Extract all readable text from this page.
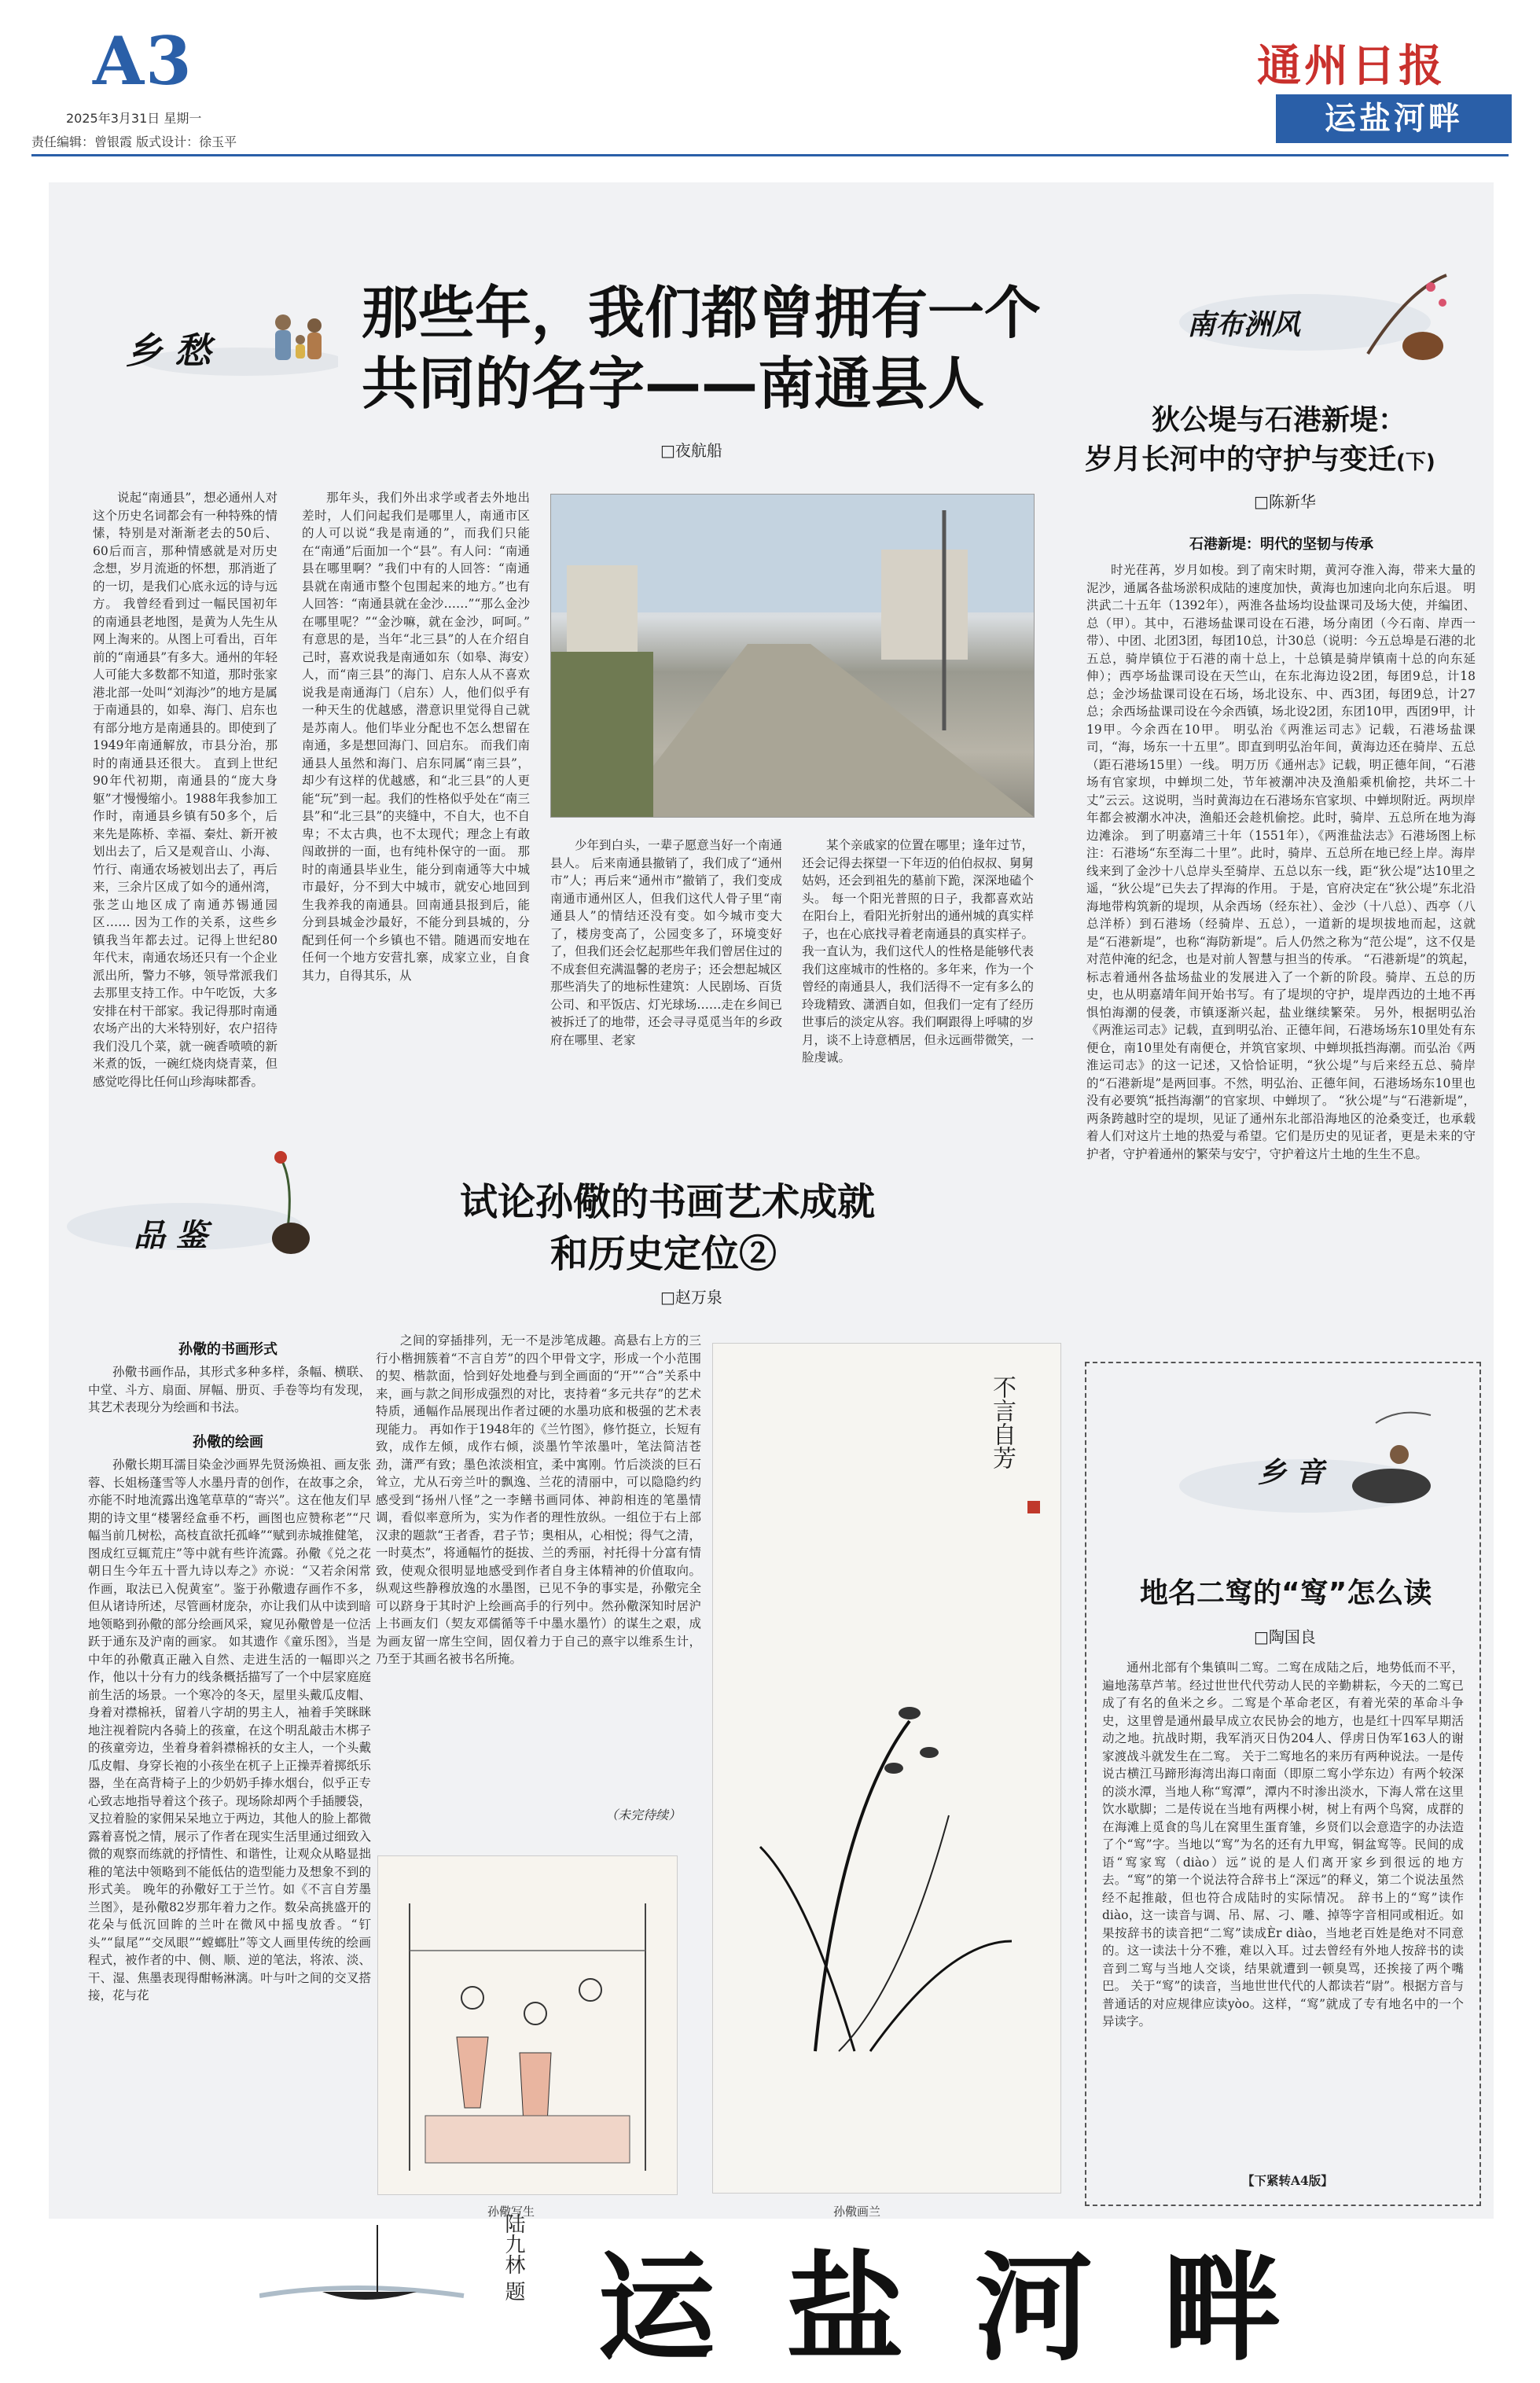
A3
2025年3月31日 星期一
责任编辑：曾银霞 版式设计：徐玉平
通州日报
运盐河畔
乡 愁
那些年，我们都曾拥有一个
共同的名字——南通县人
□夜航船

说起“南通县”，想必通州人对这个历史名词都会有一种特殊的情愫，特别是对渐渐老去的50后、60后而言，那种情感就是对历史念想，岁月流逝的怀想，那消逝了的一切，是我们心底永远的诗与远方。 我曾经看到过一幅民国初年的南通县老地图，是黄为人先生从网上淘来的。从图上可看出，百年前的“南通县”有多大。通州的年轻人可能大多数都不知道，那时张家港北部一处叫“刘海沙”的地方是属于南通县的，如皋、海门、启东也有部分地方是南通县的。即使到了1949年南通解放，市县分治，那时的南通县还很大。 直到上世纪90年代初期，南通县的“庞大身躯”才慢慢缩小。1988年我参加工作时，南通县乡镇有50多个，后来先是陈桥、幸福、秦灶、新开被划出去了，后又是观音山、小海、竹行、南通农场被划出去了，再后来，三余片区成了如今的通州湾，张芝山地区成了南通苏锡通园区…… 因为工作的关系，这些乡镇我当年都去过。记得上世纪80年代末，南通农场还只有一个企业派出所，警力不够，领导常派我们去那里支持工作。中午吃饭，大多安排在村干部家。我记得那时南通农场产出的大米特别好，农户招待我们没几个菜，就一碗香喷喷的新米煮的饭，一碗红烧肉烧青菜，但感觉吃得比任何山珍海味都香。

那年头，我们外出求学或者去外地出差时，人们问起我们是哪里人，南通市区的人可以说“我是南通的”，而我们只能在“南通”后面加一个“县”。有人问：“南通县在哪里啊？”我们中有的人回答：“南通县就在南通市整个包围起来的地方。”也有人回答：“南通县就在金沙……”“那么金沙在哪里呢？”“金沙嘛，就在金沙，呵呵。” 有意思的是，当年“北三县”的人在介绍自己时，喜欢说我是南通如东（如皋、海安）人，而“南三县”的海门、启东人从不喜欢说我是南通海门（启东）人，他们似乎有一种天生的优越感，潜意识里觉得自己就是苏南人。他们毕业分配也不怎么想留在南通，多是想回海门、回启东。 而我们南通县人虽然和海门、启东同属“南三县”，却少有这样的优越感，和“北三县”的人更能“玩”到一起。我们的性格似乎处在“南三县”和“北三县”的夹缝中，不自大，也不自卑；不太古典，也不太现代；理念上有敢闯敢拼的一面，也有纯朴保守的一面。 那时的南通县毕业生，能分到南通等大中城市最好，分不到大中城市，就安心地回到生我养我的南通县。回南通县报到后，能分到县城金沙最好，不能分到县城的，分配到任何一个乡镇也不错。随遇而安地在任何一个地方安营扎寨，成家立业，自食其力，自得其乐，从

少年到白头，一辈子愿意当好一个南通县人。 后来南通县撤销了，我们成了“通州市”人；再后来“通州市”撤销了，我们变成南通市通州区人，但我们这代人骨子里“南通县人”的情结还没有变。如今城市变大了，楼房变高了，公园变多了，环境变好了，但我们还会忆起那些年我们曾居住过的不成套但充满温馨的老房子；还会想起城区那些消失了的地标性建筑：人民剧场、百货公司、和平饭店、灯光球场……走在乡间已被拆迁了的地带，还会寻寻觅觅当年的乡政府在哪里、老家

某个亲戚家的位置在哪里；逢年过节，还会记得去探望一下年迈的伯伯叔叔、舅舅姑妈，还会到祖先的墓前下跪，深深地磕个头。 每一个阳光普照的日子，我都喜欢站在阳台上，看阳光折射出的通州城的真实样子，也在心底找寻着老南通县的真实样子。我一直认为，我们这代人的性格是能够代表我们这座城市的性格的。多年来，作为一个曾经的南通县人，我们活得不一定有多么的玲珑精致、潇洒自如，但我们一定有了经历世事后的淡定从容。我们啊跟得上呼啸的岁月，谈不上诗意栖居，但永远画带微笑，一脸虔诚。

南布洲风
狄公堤与石港新堤：
岁月长河中的守护与变迁(下)
□陈新华
石港新堤：明代的坚韧与传承

时光荏苒，岁月如梭。到了南宋时期，黄河夺淮入海，带来大量的泥沙，通属各盐场淤积成陆的速度加快，黄海也加速向北向东后退。 明洪武二十五年（1392年），两淮各盐场均设盐课司及场大使，并编团、总（甲）。其中，石港场盐课司设在石港，场分南团（今石南、岸西一带）、中团、北团3团，每团10总，计30总（说明：今五总埠是石港的北五总，骑岸镇位于石港的南十总上，十总镇是骑岸镇南十总的向东延伸）；西亭场盐课司设在天竺山，在东北海边设2团，每团9总，计18总；金沙场盐课司设在石场，场北设东、中、西3团，每团9总，计27总；余西场盐课司设在今余西镇，场北设2团，东团10甲，西团9甲，计19甲。今余西在10甲。 明弘治《两淮运司志》记载，石港场盐课司，“海，场东一十五里”。即直到明弘治年间，黄海边还在骑岸、五总（距石港场15里）一线。 明万历《通州志》记载，明正德年间，“石港场有官家坝，中蝉坝二处，节年被潮冲决及渔船乘机偷挖，共坏二十丈”云云。这说明，当时黄海边在石港场东官家坝、中蝉坝附近。两坝岸年都会被潮水冲决，渔船还会趁机偷挖。此时，骑岸、五总所在地为海边滩涂。 到了明嘉靖三十年（1551年），《两淮盐法志》石港场图上标注：石港场“东至海二十里”。此时，骑岸、五总所在地已经上岸。海岸线来到了金沙十八总岸头至骑岸、五总以东一线，距“狄公堤”达10里之遥，“狄公堤”已失去了捍海的作用。 于是，官府决定在“狄公堤”东北沿海地带构筑新的堤坝，从余西场（经东社）、金沙（十八总）、西亭（八总洋桥）到石港场（经骑岸、五总），一道新的堤坝拔地而起，这就是“石港新堤”，也称“海防新堤”。后人仍然之称为“范公堤”，这不仅是对范仲淹的纪念，也是对前人智慧与担当的传承。 “石港新堤”的筑起，标志着通州各盐场盐业的发展进入了一个新的阶段。骑岸、五总的历史，也从明嘉靖年间开始书写。有了堤坝的守护，堤岸西边的土地不再惧怕海潮的侵袭，市镇逐渐兴起，盐业继续繁荣。 另外，根据明弘治《两淮运司志》记载，直到明弘治、正德年间，石港场场东10里处有东便仓，南10里处有南便仓，并筑官家坝、中蝉坝抵挡海潮。而弘治《两淮运司志》的这一记述，又恰恰证明，“狄公堤”与后来经五总、骑岸的“石港新堤”是两回事。不然，明弘治、正德年间，石港场场东10里也没有必要筑“抵挡海潮”的官家坝、中蝉坝了。 “狄公堤”与“石港新堤”，两条跨越时空的堤坝，见证了通州东北部沿海地区的沧桑变迁，也承载着人们对这片土地的热爱与希望。它们是历史的见证者，更是未来的守护者，守护着通州的繁荣与安宁，守护着这片土地的生生不息。

品 鉴
试论孙儆的书画艺术成就
和历史定位②
□赵万泉
孙儆的书画形式

孙儆书画作品，其形式多种多样，条幅、横联、中堂、斗方、扇面、屏幅、册页、手卷等均有发现，其艺术表现分为绘画和书法。

孙儆的绘画

孙儆长期耳濡目染金沙画界先贤汤焕祖、画友张蓉、长姐杨蓬雪等人水墨丹青的创作，在故事之余，亦能不时地流露出逸笔草草的“寄兴”。这在他友们早期的诗文里“楼署经盒垂不朽，画图也应赞称老”“尺幅当前几树松，高枝直欲托孤峰”“赋到赤城推健笔，图成红豆辄荒庄”等中就有些许流露。孙儆《兑之花朝日生今年五十晋九诗以寿之》亦说：“又若余闲常作画，取法已入倪黄室”。鉴于孙儆遗存画作不多，但从诸诗所述，尽管画材庞杂，亦让我们从中读到暗地领略到孙儆的部分绘画风采，窥见孙儆曾是一位活跃于通东及沪南的画家。 如其遗作《童乐图》，当是中年的孙儆真正融入自然、走进生活的一幅即兴之作，他以十分有力的线条概括描写了一个中层家庭庭前生活的场景。一个寒冷的冬天，屋里头戴瓜皮帽、身着对襟棉袄，留着八字胡的男主人，袖着手笑眯眯地注视着院内各骑上的孩童，在这个明乱敲击木梆子的孩童旁边，坐着身着斜襟棉袄的女主人，一个头戴瓜皮帽、身穿长袍的小孩坐在杌子上正操弄着掷纸乐器，坐在高背椅子上的少奶奶手捧水烟台，似乎正专心致志地指导着这个孩子。现场除却两个手插腰袋，叉拉着脸的家佣呆呆地立于两边，其他人的脸上都微露着喜悦之情，展示了作者在现实生活里通过细致入微的观察而练就的抒情性、和谐性，让观众从略显拙稚的笔法中领略到不能低估的造型能力及想象不到的形式美。 晚年的孙儆好工于兰竹。如《不言自芳墨兰图》，是孙儆82岁那年着力之作。数朵高挑盛开的花朵与低沉回眸的兰叶在微风中摇曳放香。“钉头”“鼠尾”“交凤眼”“螳螂肚”等文人画里传统的绘画程式，被作者的中、侧、顺、逆的笔法，将浓、淡、干、湿、焦墨表现得酣畅淋漓。叶与叶之间的交叉搭接，花与花

之间的穿插排列，无一不是涉笔成趣。高悬右上方的三行小楷拥簇着“不言自芳”的四个甲骨文字，形成一个小范围的契、楷款面，恰到好处地叠与到全画面的“开”“合”关系中来，画与款之间形成强烈的对比，衷持着“多元共存”的艺术特质，通幅作品展现出作者过硬的水墨功底和极强的艺术表现能力。 再如作于1948年的《兰竹图》，修竹挺立，长短有致，成作左倾，成作右倾，淡墨竹竿浓墨叶，笔法简洁苍劲，潇严有致；墨色浓淡相宜，柔中寓刚。竹后淡淡的巨石耸立，尤从石旁兰叶的飘逸、兰花的清丽中，可以隐隐约约感受到“扬州八怪”之一李鳝书画同体、神韵相连的笔墨情调，看似率意所为，实为作者的理性放纵。一组位于右上部汉隶的题款“王者香，君子节；奥相从，心相悦；得气之清，一时莫杰”，将通幅竹的挺拔、兰的秀丽，衬托得十分富有情致，使观众很明显地感受到作者自身主体精神的价值取向。 纵观这些静穆放逸的水墨图，已见不争的事实是，孙儆完全可以跻身于其时沪上绘画高手的行列中。然孙儆深知时居沪上书画友们（契友邓儒循等千中墨水墨竹）的谋生之艰，成为画友留一席生空间，固仅着力于自己的熹宇以维系生计，乃至于其画名被书名所掩。

（未完待续）
孙儆写生
不言自芳
孙儆画兰
乡 音
地名二窎的“窎”怎么读
□陶国良

通州北部有个集镇叫二窎。二窎在成陆之后，地势低而不平，遍地荡草芦苇。经过世世代代劳动人民的辛勤耕耘，今天的二窎已成了有名的鱼米之乡。二窎是个革命老区，有着光荣的革命斗争史，这里曾是通州最早成立农民协会的地方，也是红十四军早期活动之地。抗战时期，我军消灭日伪204人、俘虏日伪军163人的谢家渡战斗就发生在二窎。 关于二窎地名的来历有两种说法。一是传说古横江马蹄形海湾出海口南面（即原二窎小学东边）有两个较深的淡水潭，当地人称“窎潭”，潭内不时渗出淡水，下海人常在这里饮水歇脚；二是传说在当地有两棵小树，树上有两个鸟窝，成群的在海滩上觅食的鸟儿在窝里生蛋育雏，乡贤们以会意造字的办法造了个“窎”字。当地以“窎”为名的还有九甲窎，铜盆窎等。民间的成语“窎家窎（diào）远”说的是人们离开家乡到很远的地方去。“窎”的第一个说法符合辞书上“深远”的释义，第二个说法虽然经不起推敲，但也符合成陆时的实际情况。 辞书上的“窎”读作diào，这一读音与调、吊、屌、刁、雕、掉等字音相同或相近。如果按辞书的读音把“二窎”读成Èr diào，当地老百姓是绝对不同意的。这一读法十分不雅，难以入耳。过去曾经有外地人按辞书的读音到二窎与当地人交谈，结果就遭到一顿臭骂，还挨接了两个嘴巴。 关于“窎”的读音，当地世世代代的人都读若“尉”。根据方音与普通话的对应规律应读yòo。这样，“窎”就成了专有地名中的一个异读字。

【下紧转A4版】
陆九林 题 运盐河畔
